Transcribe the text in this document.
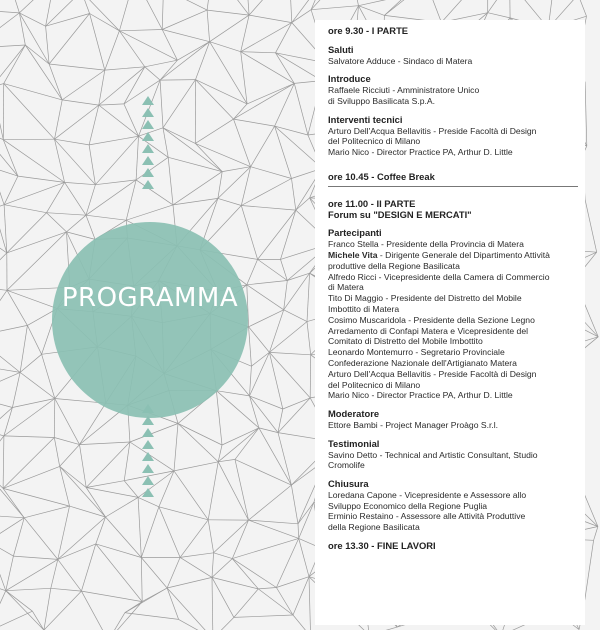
PROGRAMMA
ore 9.30 - I PARTE
Saluti
Salvatore Adduce - Sindaco di Matera
Introduce
Raffaele Ricciuti - Amministratore Unico
di Sviluppo Basilicata S.p.A.
Interventi tecnici
Arturo Dell'Acqua Bellavitis - Preside Facoltà di Design
del Politecnico di Milano
Mario Nico - Director Practice PA, Arthur D. Little
ore 10.45 - Coffee Break
ore 11.00 - II PARTE
Forum su "DESIGN E MERCATI"
Partecipanti
Franco Stella - Presidente della Provincia di Matera
Michele Vita - Dirigente Generale del Dipartimento Attività
produttive della Regione Basilicata
Alfredo Ricci - Vicepresidente della Camera di Commercio
di Matera
Tito Di Maggio - Presidente del Distretto del Mobile
Imbottito di Matera
Cosimo Muscaridola - Presidente della Sezione Legno
Arredamento di Confapi Matera e Vicepresidente del
Comitato di Distretto del Mobile Imbottito
Leonardo Montemurro - Segretario Provinciale
Confederazione Nazionale dell'Artigianato Matera
Arturo Dell'Acqua Bellavitis - Preside Facoltà di Design
del Politecnico di Milano
Mario Nico - Director Practice PA, Arthur D. Little
Moderatore
Ettore Bambi - Project Manager Proàgo S.r.l.
Testimonial
Savino Detto - Technical and Artistic Consultant, Studio
Cromolife
Chiusura
Loredana Capone - Vicepresidente e Assessore allo
Sviluppo Economico della Regione Puglia
Erminio Restaino - Assessore alle Attività Produttive
della Regione Basilicata
ore 13.30 - FINE LAVORI
